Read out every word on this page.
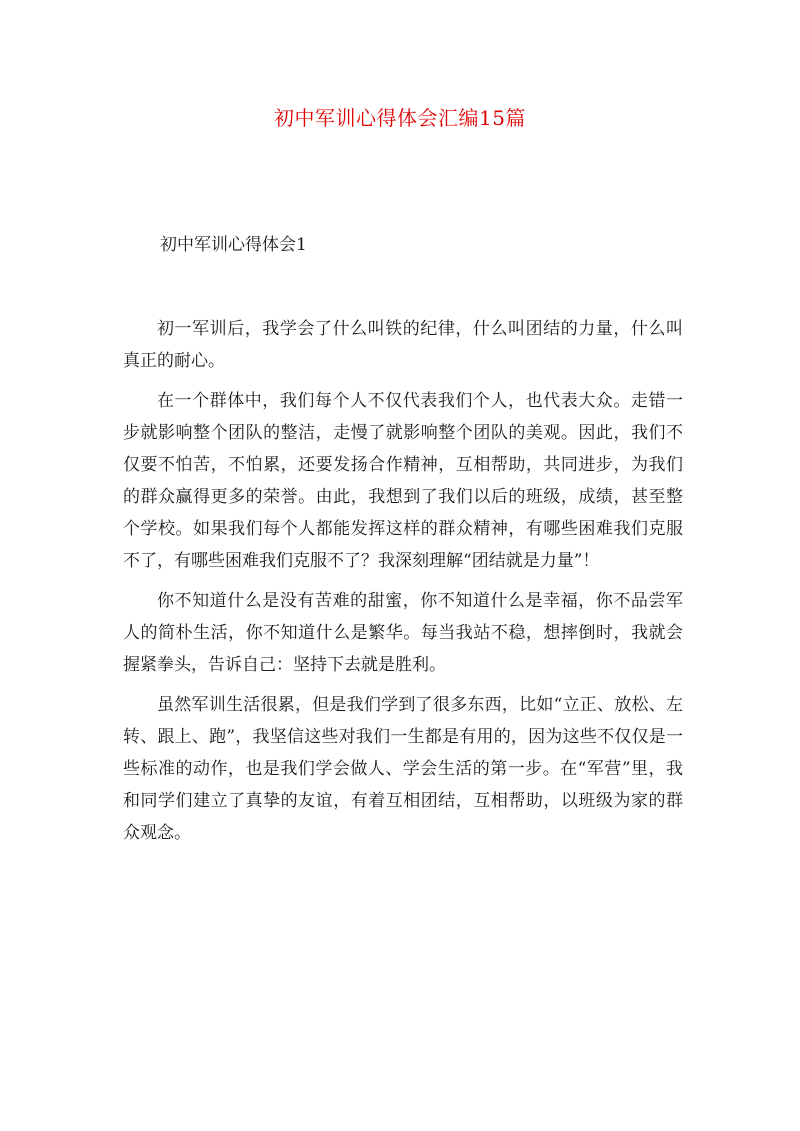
初中军训心得体会汇编15篇
初中军训心得体会1

初一军训后，我学会了什么叫铁的纪律，什么叫团结的力量，什么叫真正的耐心。

在一个群体中，我们每个人不仅代表我们个人，也代表大众。走错一步就影响整个团队的整洁，走慢了就影响整个团队的美观。因此，我们不仅要不怕苦，不怕累，还要发扬合作精神，互相帮助，共同进步，为我们的群众赢得更多的荣誉。由此，我想到了我们以后的班级，成绩，甚至整个学校。如果我们每个人都能发挥这样的群众精神，有哪些困难我们克服不了，有哪些困难我们克服不了？我深刻理解“团结就是力量”！

你不知道什么是没有苦难的甜蜜，你不知道什么是幸福，你不品尝军人的简朴生活，你不知道什么是繁华。每当我站不稳，想摔倒时，我就会握紧拳头，告诉自己：坚持下去就是胜利。

虽然军训生活很累，但是我们学到了很多东西，比如“立正、放松、左转、跟上、跑”，我坚信这些对我们一生都是有用的，因为这些不仅仅是一些标准的动作，也是我们学会做人、学会生活的第一步。在“军营”里，我和同学们建立了真挚的友谊，有着互相团结，互相帮助，以班级为家的群众观念。
